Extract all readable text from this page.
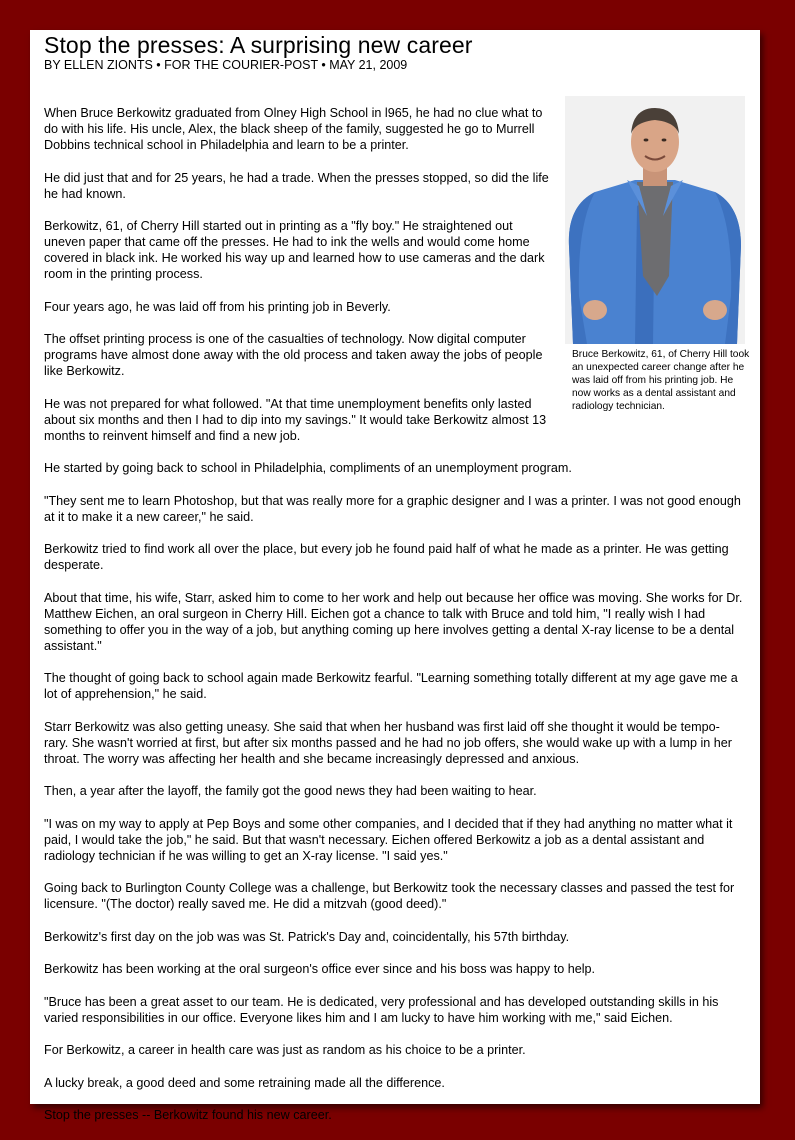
Stop the presses: A surprising new career

BY ELLEN ZIONTS • FOR THE COURIER-POST • MAY 21, 2009

Bruce Berkowitz, 61, of Cherry Hill took an unexpected career change after he was laid off from his printing job. He now works as a dental assistant and radiology technician.

When Bruce Berkowitz graduated from Olney High School in l965, he had no clue what to do with his life. His uncle, Alex, the black sheep of the family, suggested he go to Murrell Dobbins technical school in Philadelphia and learn to be a printer.

He did just that and for 25 years, he had a trade. When the presses stopped, so did the life he had known.

Berkowitz, 61, of Cherry Hill started out in printing as a "fly boy." He straightened out uneven paper that came off the presses. He had to ink the wells and would come home covered in black ink. He worked his way up and learned how to use cameras and the dark room in the printing process.

Four years ago, he was laid off from his printing job in Beverly.

The offset printing process is one of the casualties of technology. Now digital computer programs have almost done away with the old process and taken away the jobs of people like Berkowitz.

He was not prepared for what followed. "At that time unemployment benefits only lasted about six months and then I had to dip into my savings." It would take Berkowitz almost 13 months to reinvent himself and find a new job.

He started by going back to school in Philadelphia, compliments of an unemployment program.

"They sent me to learn Photoshop, but that was really more for a graphic designer and I was a printer. I was not good enough at it to make it a new career," he said.

Berkowitz tried to find work all over the place, but every job he found paid half of what he made as a printer. He was getting desperate.

About that time, his wife, Starr, asked him to come to her work and help out because her office was moving. She works for Dr. Matthew Eichen, an oral surgeon in Cherry Hill. Eichen got a chance to talk with Bruce and told him, "I really wish I had something to offer you in the way of a job, but anything coming up here involves getting a dental X-ray license to be a dental assistant."

The thought of going back to school again made Berkowitz fearful. "Learning something totally different at my age gave me a lot of apprehension," he said.

Starr Berkowitz was also getting uneasy. She said that when her husband was first laid off she thought it would be tempo-rary. She wasn't worried at first, but after six months passed and he had no job offers, she would wake up with a lump in her throat. The worry was affecting her health and she became increasingly depressed and anxious.

Then, a year after the layoff, the family got the good news they had been waiting to hear.

"I was on my way to apply at Pep Boys and some other companies, and I decided that if they had anything no matter what it paid, I would take the job," he said. But that wasn't necessary. Eichen offered Berkowitz a job as a dental assistant and radiology technician if he was willing to get an X-ray license. "I said yes."

Going back to Burlington County College was a challenge, but Berkowitz took the necessary classes and passed the test for licensure. "(The doctor) really saved me. He did a mitzvah (good deed)."

Berkowitz's first day on the job was was St. Patrick's Day and, coincidentally, his 57th birthday.

Berkowitz has been working at the oral surgeon's office ever since and his boss was happy to help.

"Bruce has been a great asset to our team. He is dedicated, very professional and has developed outstanding skills in his varied responsibilities in our office. Everyone likes him and I am lucky to have him working with me," said Eichen.

For Berkowitz, a career in health care was just as random as his choice to be a printer.

A lucky break, a good deed and some retraining made all the difference.

Stop the presses -- Berkowitz found his new career.
